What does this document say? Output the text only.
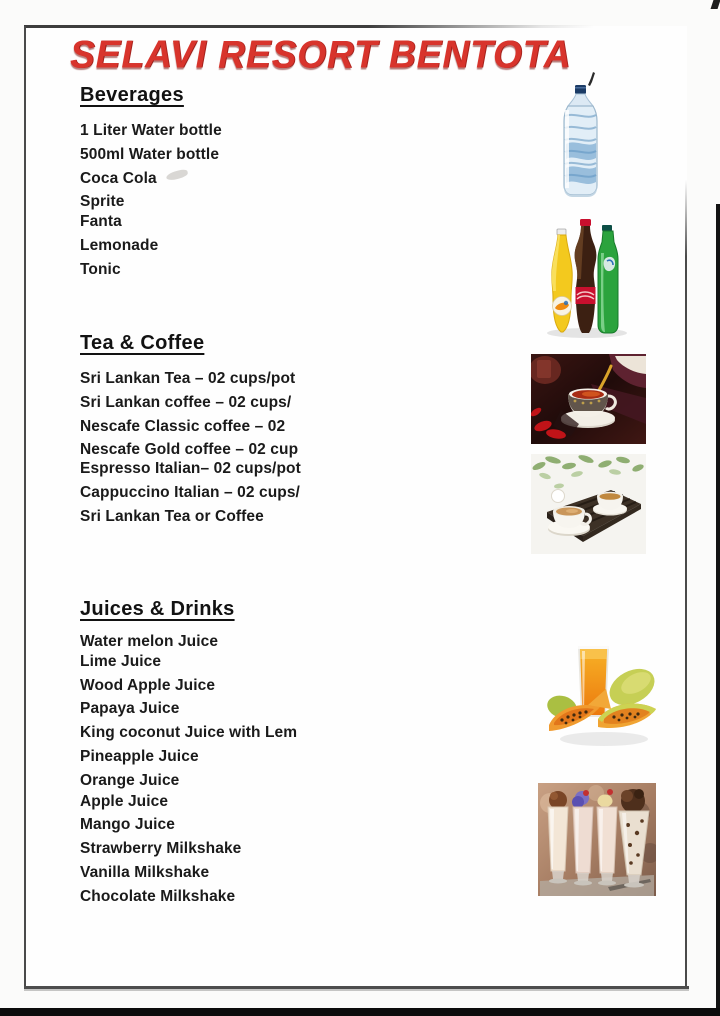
SELAVI RESORT BENTOTA
Beverages
1 Liter Water bottle
500ml Water bottle
Coca Cola
Sprite
Fanta
Lemonade
Tonic
Tea & Coffee
Sri Lankan Tea – 02 cups/pot
Sri Lankan coffee – 02 cups/
Nescafe Classic coffee – 02
Nescafe Gold coffee – 02 cup
Espresso Italian– 02 cups/pot
Cappuccino Italian – 02 cups/
Sri Lankan Tea or Coffee
Juices & Drinks
Water melon Juice
Lime Juice
Wood Apple Juice
Papaya Juice
King coconut Juice with Lem
Pineapple Juice
Orange Juice
Apple Juice
Mango Juice
Strawberry Milkshake
Vanilla Milkshake
Chocolate Milkshake
